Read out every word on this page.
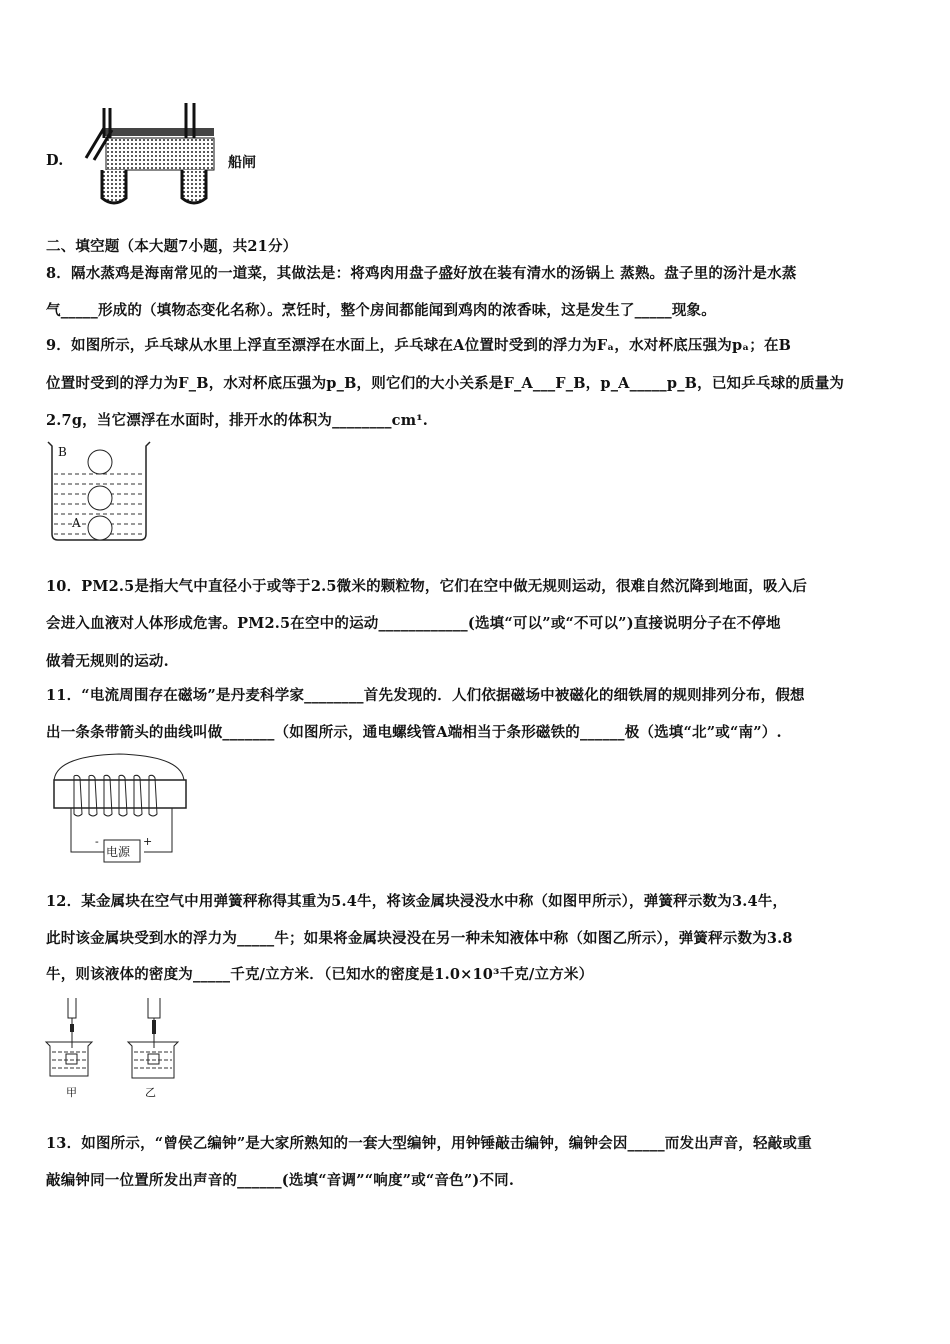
D.	船闸
二、填空题（本大题7小题，共21分）
8．隔水蒸鸡是海南常见的一道菜，其做法是：将鸡肉用盘子盛好放在装有清水的汤锅上 蒸熟。盘子里的汤汁是水蒸
气_____形成的（填物态变化名称）。烹饪时，整个房间都能闻到鸡肉的浓香味，这是发生了_____现象。
9．如图所示，乒乓球从水里上浮直至漂浮在水面上，乒乓球在A位置时受到的浮力为Fₐ，水对杯底压强为pₐ；在B
位置时受到的浮力为F_B，水对杯底压强为p_B，则它们的大小关系是F_A___F_B，p_A_____p_B，已知乒乓球的质量为
2.7g，当它漂浮在水面时，排开水的体积为________cm¹.
B
A
10．PM2.5是指大气中直径小于或等于2.5微米的颗粒物，它们在空中做无规则运动，很难自然沉降到地面，吸入后
会进入血液对人体形成危害。PM2.5在空中的运动____________(选填“可以”或“不可以”)直接说明分子在不停地
做着无规则的运动.
11．“电流周围存在磁场”是丹麦科学家________首先发现的．人们依据磁场中被磁化的细铁屑的规则排列分布，假想
出一条条带箭头的曲线叫做_______（如图所示，通电螺线管A端相当于条形磁铁的______极（选填“北”或“南”）.
电源
-	+
12．某金属块在空气中用弹簧秤称得其重为5.4牛，将该金属块浸没水中称（如图甲所示），弹簧秤示数为3.4牛，
此时该金属块受到水的浮力为_____牛；如果将金属块浸没在另一种未知液体中称（如图乙所示），弹簧秤示数为3.8
牛，则该液体的密度为_____千克/立方米．（已知水的密度是1.0×10³千克/立方米）
甲	乙
13．如图所示，“曾侯乙编钟”是大家所熟知的一套大型编钟，用钟锤敲击编钟，编钟会因_____而发出声音，轻敲或重
敲编钟同一位置所发出声音的______(选填“音调”“响度”或“音色”)不同.
